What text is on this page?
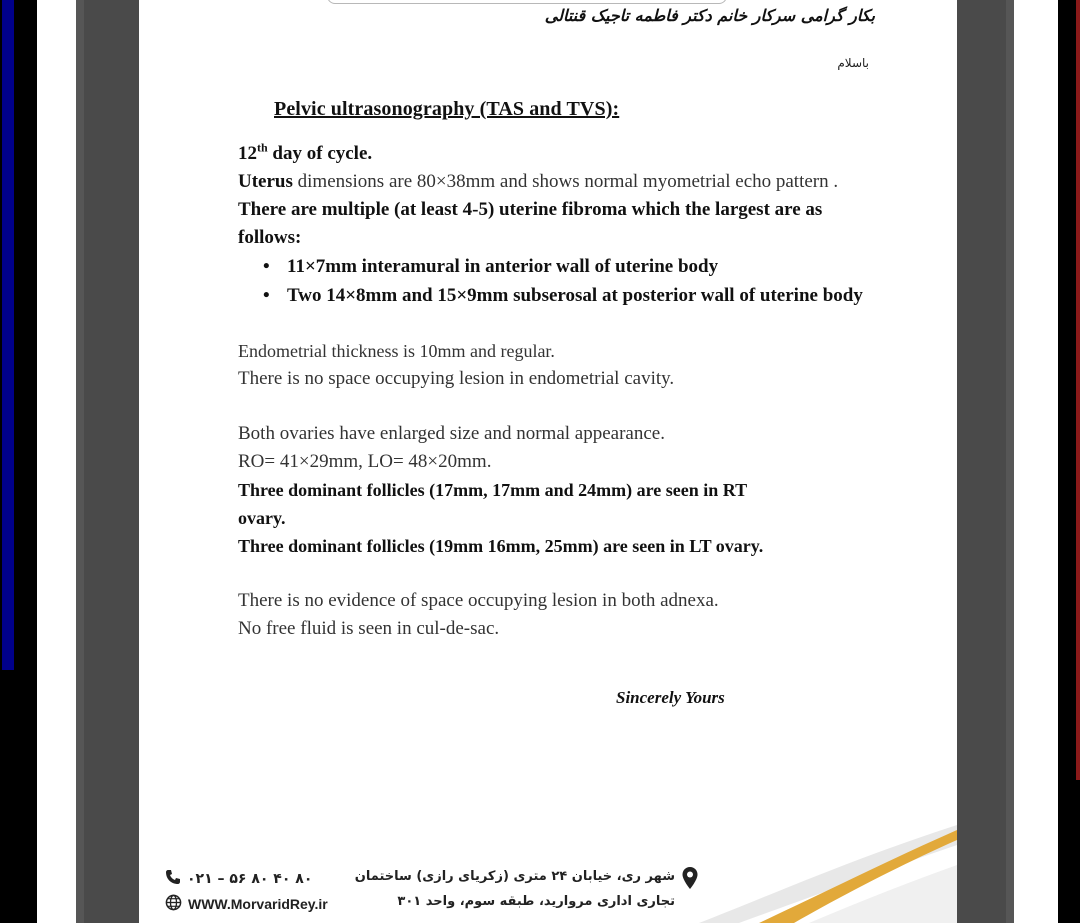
بکار گرامی سرکار خانم دکتر فاطمه تاجیک قنتالی
باسلام
Pelvic ultrasonography (TAS and TVS):

12th day of cycle.

Uterus dimensions are 80×38mm and shows normal myometrial echo pattern .

There are multiple (at least 4-5) uterine fibroma which the largest are as

follows:

• 11×7mm interamural in anterior wall of uterine body
• Two 14×8mm and 15×9mm subserosal at posterior wall of uterine body

Endometrial thickness is 10mm and regular.

There is no space occupying lesion in endometrial cavity.

Both ovaries have enlarged size and normal appearance.

RO= 41×29mm, LO= 48×20mm.

Three dominant follicles (17mm, 17mm and 24mm) are seen in RT

ovary.

Three dominant follicles (19mm 16mm, 25mm) are seen in LT ovary.

There is no evidence of space occupying lesion in both adnexa.

No free fluid is seen in cul-de-sac.

Sincerely Yours
۰۲۱ – ۵۶ ۸۰ ۴۰ ۸۰
WWW.MorvaridRey.ir
شهر ری، خیابان ۲۴ متری (زکریای رازی) ساختمان
تجاری اداری مروارید، طبقه سوم، واحد ۳۰۱
